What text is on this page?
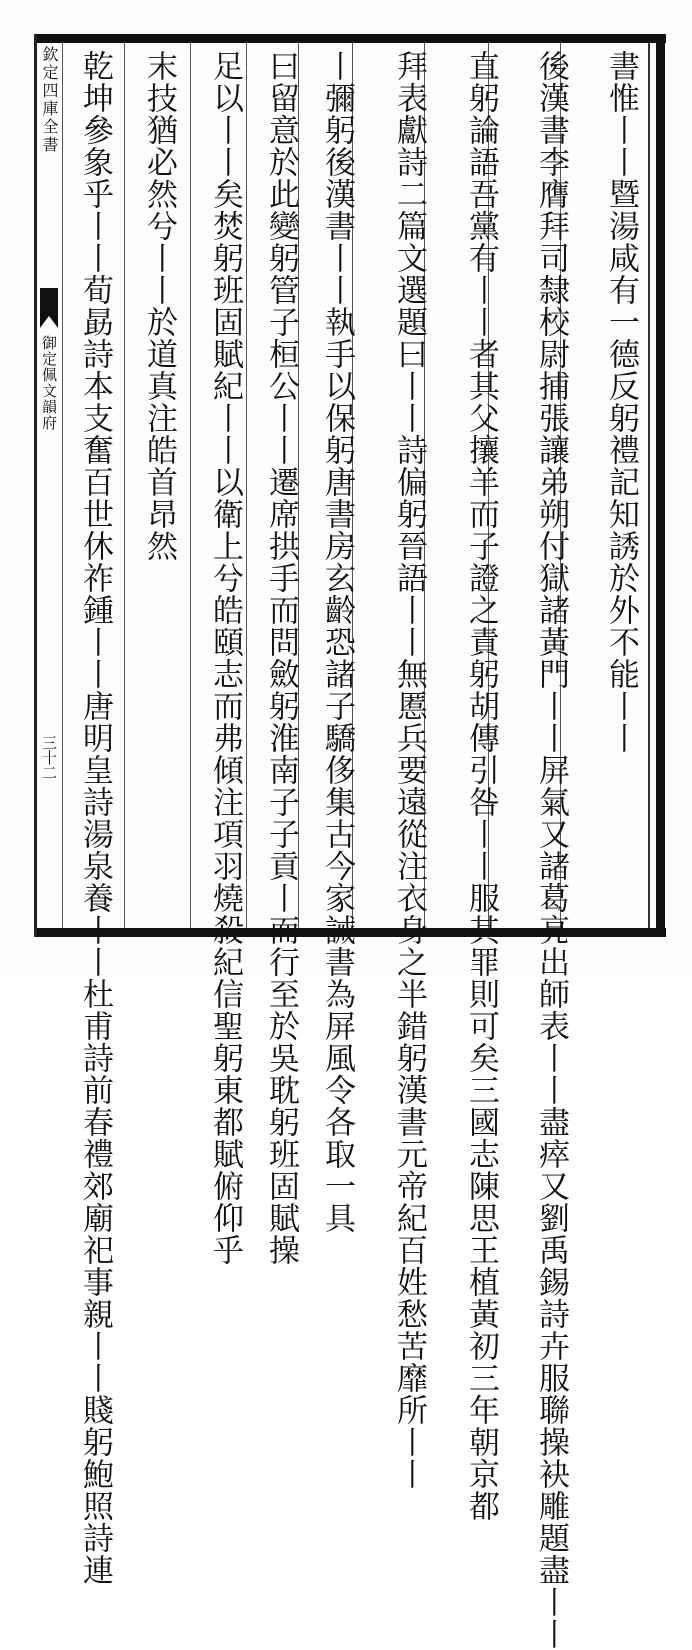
欽定四庫全書
御定佩文韻府
三十二
書惟丨丨暨湯咸有一德反躬禮記知誘於外不能丨丨
後漢書李膺拜司隸校尉捕張讓弟朔付獄諸黃門丨丨屏氣又諸葛亮出師表丨丨盡瘁又劉禹錫詩卉服聯操袂雕題盡丨丨
直躬論語吾黨有丨丨者其父攘羊而子證之責躬胡傳引咎丨丨服其罪則可矣三國志陳思王植黃初三年朝京都
拜表獻詩二篇文選題曰丨丨詩偏躬晉語丨丨無慝兵要遠從注衣身之半錯躬漢書元帝紀百姓愁苦靡所丨丨
丨彌躬後漢書丨丨執手以保躬唐書房玄齡恐諸子驕侈集古今家誡書為屏風令各取一具
曰留意於此變躬管子桓公丨丨遷席拱手而問斂躬淮南子子貢丨而行至於吳耽躬班固賦操
足以丨丨矣焚躬班固賦紀丨丨以衛上兮皓頤志而弗傾注項羽燒殺紀信聖躬東都賦俯仰乎
末技猶必然兮丨丨於道真注皓首昂然
乾坤參象乎丨丨荀勗詩本支奮百世休祚鍾丨丨唐明皇詩湯泉養丨丨杜甫詩前春禮郊廟祀事親丨丨賤躬鮑照詩連
